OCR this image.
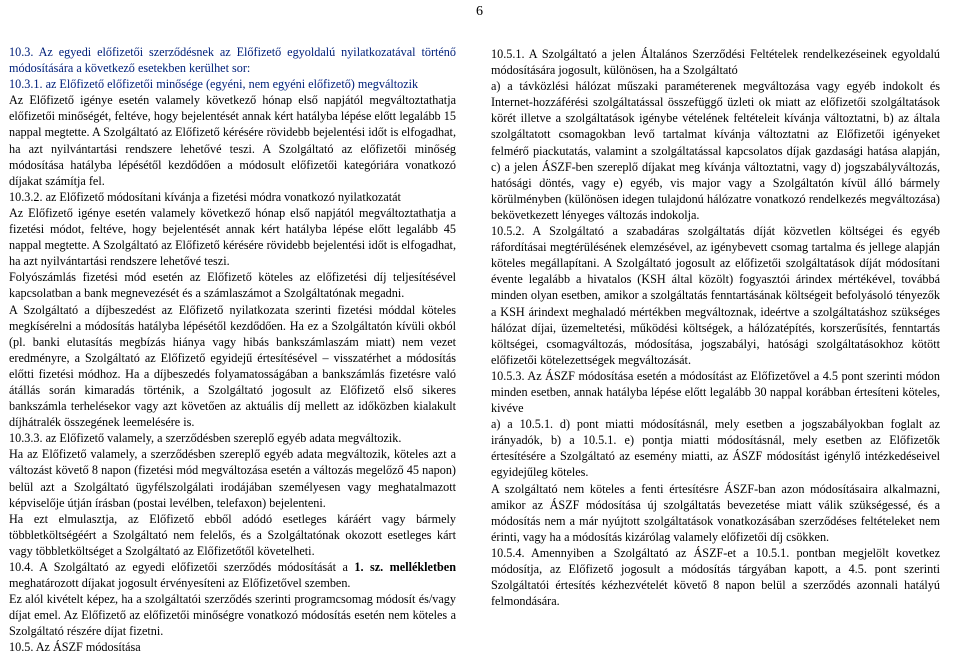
6

10.3. Az egyedi előfizetői szerződésnek az Előfizető egyoldalú nyilatkozatával történő módosítására a következő esetekben kerülhet sor:

10.3.1. az Előfizető előfizetői minősége (egyéni, nem egyéni előfizető) megváltozik

Az Előfizető igénye esetén valamely következő hónap első napjától megváltoztathatja előfizetői minőségét, feltéve, hogy bejelentését annak kért hatályba lépése előtt legalább 15 nappal megtette. A Szolgáltató az Előfizető kérésére rövidebb bejelentési időt is elfogadhat, ha azt nyilvántartási rendszere lehetővé teszi. A Szolgáltató az előfizetői minőség módosítása hatályba lépésétől kezdődően a módosult előfizetői kategóriára vonatkozó díjakat számítja fel.

10.3.2. az Előfizető módosítani kívánja a fizetési módra vonatkozó nyilatkozatát

Az Előfizető igénye esetén valamely következő hónap első napjától megváltoztathatja a fizetési módot, feltéve, hogy bejelentését annak kért hatályba lépése előtt legalább 45 nappal megtette. A Szolgáltató az Előfizető kérésére rövidebb bejelentési időt is elfogadhat, ha azt nyilvántartási rendszere lehetővé teszi.

Folyószámlás fizetési mód esetén az Előfizető köteles az előfizetési díj teljesítésével kapcsolatban a bank megnevezését és a számlaszámot a Szolgáltatónak megadni.

A Szolgáltató a díjbeszedést az Előfizető nyilatkozata szerinti fizetési móddal köteles megkísérelni a módosítás hatályba lépésétől kezdődően. Ha ez a Szolgáltatón kívüli okból (pl. banki elutasítás megbízás hiánya vagy hibás bankszámlaszám miatt) nem vezet eredményre, a Szolgáltató az Előfizető egyidejű értesítésével – visszatérhet a módosítás előtti fizetési módhoz. Ha a díjbeszedés folyamatosságában a bankszámlás fizetésre való átállás során kimaradás történik, a Szolgáltató jogosult az Előfizető első sikeres bankszámla terhelésekor vagy azt követően az aktuális díj mellett az időközben kialakult díjhátralék összegének leemelésére is.

10.3.3. az Előfizető valamely, a szerződésben szereplő egyéb adata megváltozik.

Ha az Előfizető valamely, a szerződésben szereplő egyéb adata megváltozik, köteles azt a változást követő 8 napon (fizetési mód megváltozása esetén a változás megelőző 45 napon) belül azt a Szolgáltató ügyfélszolgálati irodájában személyesen vagy meghatalmazott képviselője útján írásban (postai levélben, telefaxon) bejelenteni.

Ha ezt elmulasztja, az Előfizető ebből adódó esetleges káráért vagy bármely többletköltségéért a Szolgáltató nem felelős, és a Szolgáltatónak okozott esetleges kárt vagy többletköltséget a Szolgáltató az Előfizetőtől követelheti.

10.4. A Szolgáltató az egyedi előfizetői szerződés módosítását a 1. sz. mellékletben meghatározott díjakat jogosult érvényesíteni az Előfizetővel szemben.

Ez alól kivételt képez, ha a szolgáltatói szerződés szerinti programcsomag módosít és/vagy díjat emel. Az Előfizető az előfizetői minőségre vonatkozó módosítás esetén nem köteles a Szolgáltató részére díjat fizetni.

10.5. Az ÁSZF módosítása

10.5.1. A Szolgáltató a jelen Általános Szerződési Feltételek rendelkezéseinek egyoldalú módosítására jogosult, különösen, ha a Szolgáltató

a) a távközlési hálózat műszaki paraméterenek megváltozása vagy egyéb indokolt és Internet-hozzáférési szolgáltatással összefüggő üzleti ok miatt az előfizetői szolgáltatások körét illetve a szolgáltatások igénybe vételének feltételeit kívánja változtatni, b) az általa szolgáltatott csomagokban levő tartalmat kívánja változtatni az Előfizetői igényeket felmérő piackutatás, valamint a szolgáltatással kapcsolatos díjak gazdasági hatása alapján, c) a jelen ÁSZF-ben szereplő díjakat meg kívánja változtatni, vagy d) jogszabályváltozás, hatósági döntés, vagy e) egyéb, vis major vagy a Szolgáltatón kívül álló bármely körülményben (különösen idegen tulajdonú hálózatre vonatkozó rendelkezés megváltozása) bekövetkezett lényeges változás indokolja.

10.5.2. A Szolgáltató a szabadáras szolgáltatás díját közvetlen költségei és egyéb ráfordításai megtérülésének elemzésével, az igénybevett csomag tartalma és jellege alapján köteles megállapítani. A Szolgáltató jogosult az előfizetői szolgáltatások díját módosítani évente legalább a hivatalos (KSH által közölt) fogyasztói árindex mértékével, továbbá minden olyan esetben, amikor a szolgáltatás fenntartásának költségeit befolyásoló tényezők a KSH árindext meghaladó mértékben megváltoznak, ideértve a szolgáltatáshoz szükséges hálózat díjai, üzemeltetési, működési költségek, a hálózatépítés, korszerűsítés, fenntartás költségei, csomagváltozás, módosítása, jogszabályi, hatósági szolgáltatásokhoz kötött előfizetői kötelezettségek megváltozását.

10.5.3. Az ÁSZF módosítása esetén a módosítást az Előfizetővel a 4.5 pont szerinti módon minden esetben, annak hatályba lépése előtt legalább 30 nappal korábban értesíteni köteles, kivéve

a) a 10.5.1. d) pont miatti módosításnál, mely esetben a jogszabályokban foglalt az irányadók, b) a 10.5.1. e) pontja miatti módosításnál, mely esetben az Előfizetők értesítésére a Szolgáltató az esemény miatti, az ÁSZF módosítást igénylő intézkedéseivel egyidejűleg köteles.

A szolgáltató nem köteles a fenti értesítésre ÁSZF-ban azon módosításaira alkalmazni, amikor az ÁSZF módosítása új szolgáltatás bevezetése miatt válik szükségessé, és a módosítás nem a már nyújtott szolgáltatások vonatkozásában szerződéses feltételeket nem érinti, vagy ha a módosítás kizárólag valamely előfizetői díj csökken.

10.5.4. Amennyiben a Szolgáltató az ÁSZF-et a 10.5.1. pontban megjelölt kovetkez módosítja, az Előfizető jogosult a módosítás tárgyában kapott, a 4.5. pont szerinti Szolgáltatói értesítés kézhezvételét követő 8 napon belül a szerződés azonnali hatályú felmondására.
